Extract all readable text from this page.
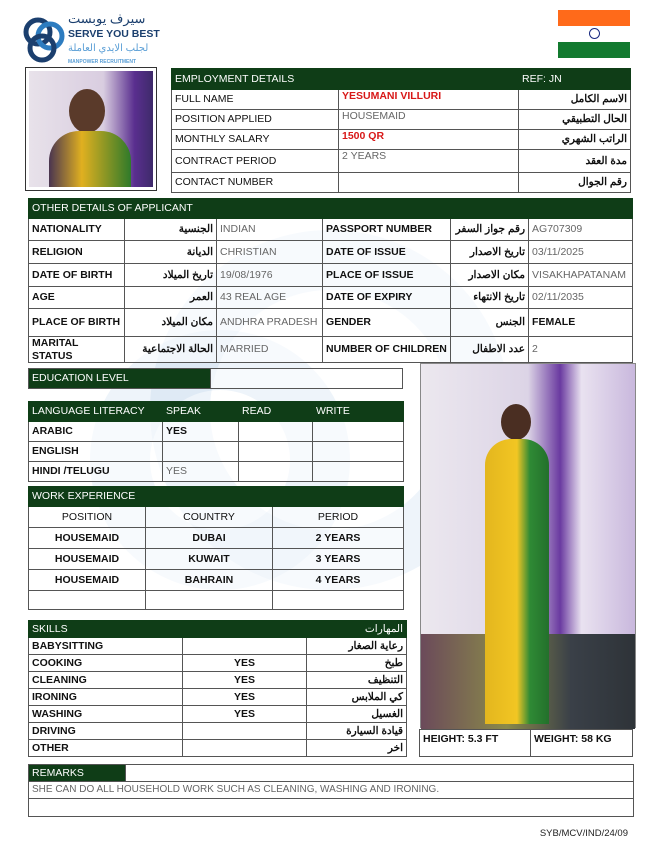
سيرف يوبست
SERVE YOU BEST
لجلب الايدي العاملة
MANPOWER RECRUITMENT
EMPLOYMENT DETAILS		REF: JN
FULL NAME	YESUMANI VILLURI	الاسم الكامل
POSITION APPLIED	HOUSEMAID	الحال التطبيقي
MONTHLY SALARY	1500 QR	الراتب الشهري
CONTRACT PERIOD	2 YEARS	مدة العقد
CONTACT NUMBER		رقم الجوال
OTHER DETAILS OF APPLICANT					
NATIONALITY	الجنسية	INDIAN	PASSPORT NUMBER	رقم جواز السفر	AG707309
RELIGION	الديانة	CHRISTIAN	DATE OF ISSUE	تاريخ الاصدار	03/11/2025
DATE OF BIRTH	تاريخ الميلاد	19/08/1976	PLACE OF ISSUE	مكان الاصدار	VISAKHAPATANAM
AGE	العمر	43 REAL AGE	DATE OF EXPIRY	تاريخ الانتهاء	02/11/2035
PLACE OF BIRTH	مكان الميلاد	ANDHRA PRADESH	GENDER	الجنس	FEMALE
MARITAL STATUS	الحالة الاجتماعية	MARRIED	NUMBER OF CHILDREN	عدد الاطفال	2
EDUCATION LEVEL	
LANGUAGE LITERACY	SPEAK	READ	WRITE
ARABIC	YES		
ENGLISH			
HINDI /TELUGU	YES		
WORK EXPERIENCE		
POSITION	COUNTRY	PERIOD
HOUSEMAID	DUBAI	2 YEARS
HOUSEMAID	KUWAIT	3 YEARS
HOUSEMAID	BAHRAIN	4 YEARS

HEIGHT: 5.3 FT	WEIGHT: 58 KG
SKILLS	المهارات	
BABYSITTING		رعاية الصغار
COOKING	YES	طبخ
CLEANING	YES	التنظيف
IRONING	YES	كي الملابس
WASHING	YES	الغسيل
DRIVING		قيادة السيارة
OTHER		اخر
REMARKS	
SHE CAN DO ALL HOUSEHOLD WORK SUCH AS CLEANING, WASHING AND IRONING.

SYB/MCV/IND/24/09
